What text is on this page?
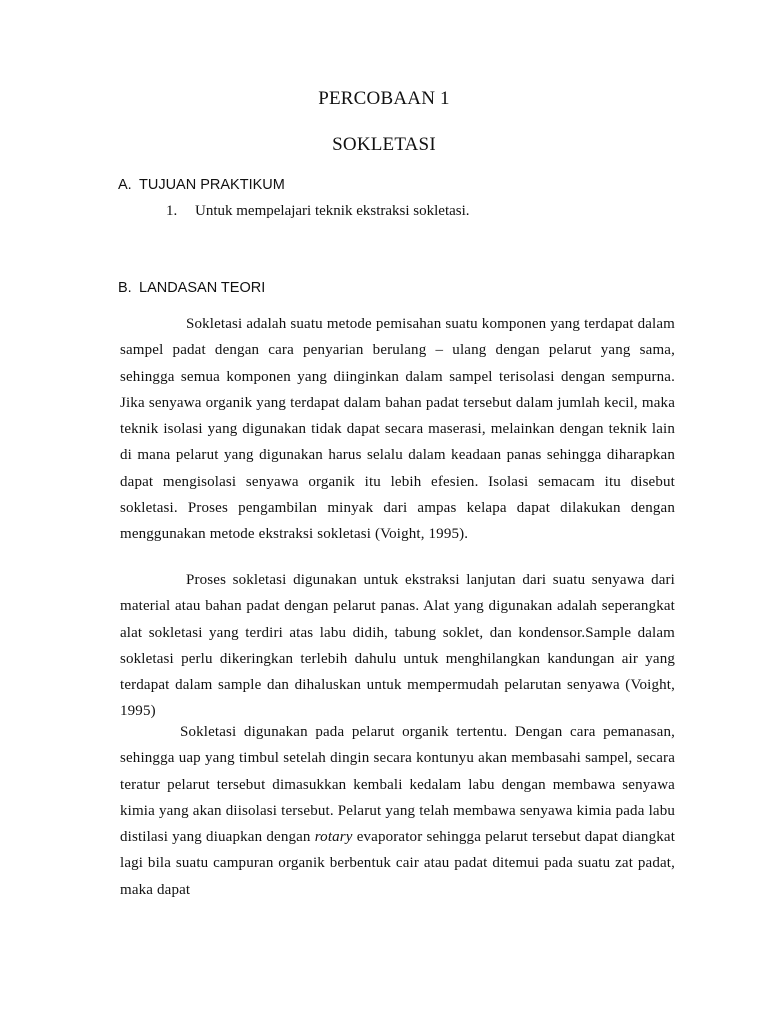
PERCOBAAN 1
SOKLETASI
A. TUJUAN PRAKTIKUM
1. Untuk mempelajari teknik ekstraksi sokletasi.
B. LANDASAN TEORI

Sokletasi adalah suatu metode pemisahan suatu komponen yang terdapat dalam sampel padat dengan cara penyarian berulang – ulang dengan pelarut yang sama, sehingga semua komponen yang diinginkan dalam sampel terisolasi dengan sempurna. Jika senyawa organik yang terdapat dalam bahan padat tersebut dalam jumlah kecil, maka teknik isolasi yang digunakan tidak dapat secara maserasi, melainkan dengan teknik lain di mana pelarut yang digunakan harus selalu dalam keadaan panas sehingga diharapkan dapat mengisolasi senyawa organik itu lebih efesien. Isolasi semacam itu disebut sokletasi. Proses pengambilan minyak dari ampas kelapa dapat dilakukan dengan menggunakan metode ekstraksi sokletasi (Voight, 1995).

Proses sokletasi digunakan untuk ekstraksi lanjutan dari suatu senyawa dari material atau bahan padat dengan pelarut panas. Alat yang digunakan adalah seperangkat alat sokletasi yang terdiri atas labu didih, tabung soklet, dan kondensor.Sample dalam sokletasi perlu dikeringkan terlebih dahulu untuk menghilangkan kandungan air yang terdapat dalam sample dan dihaluskan untuk mempermudah pelarutan senyawa (Voight, 1995)

Sokletasi digunakan pada pelarut organik tertentu. Dengan cara pemanasan, sehingga uap yang timbul setelah dingin secara kontunyu akan membasahi sampel, secara teratur pelarut tersebut dimasukkan kembali kedalam labu dengan membawa senyawa kimia yang akan diisolasi tersebut. Pelarut yang telah membawa senyawa kimia pada labu distilasi yang diuapkan dengan rotary evaporator sehingga pelarut tersebut dapat diangkat lagi bila suatu campuran organik berbentuk cair atau padat ditemui pada suatu zat padat, maka dapat
